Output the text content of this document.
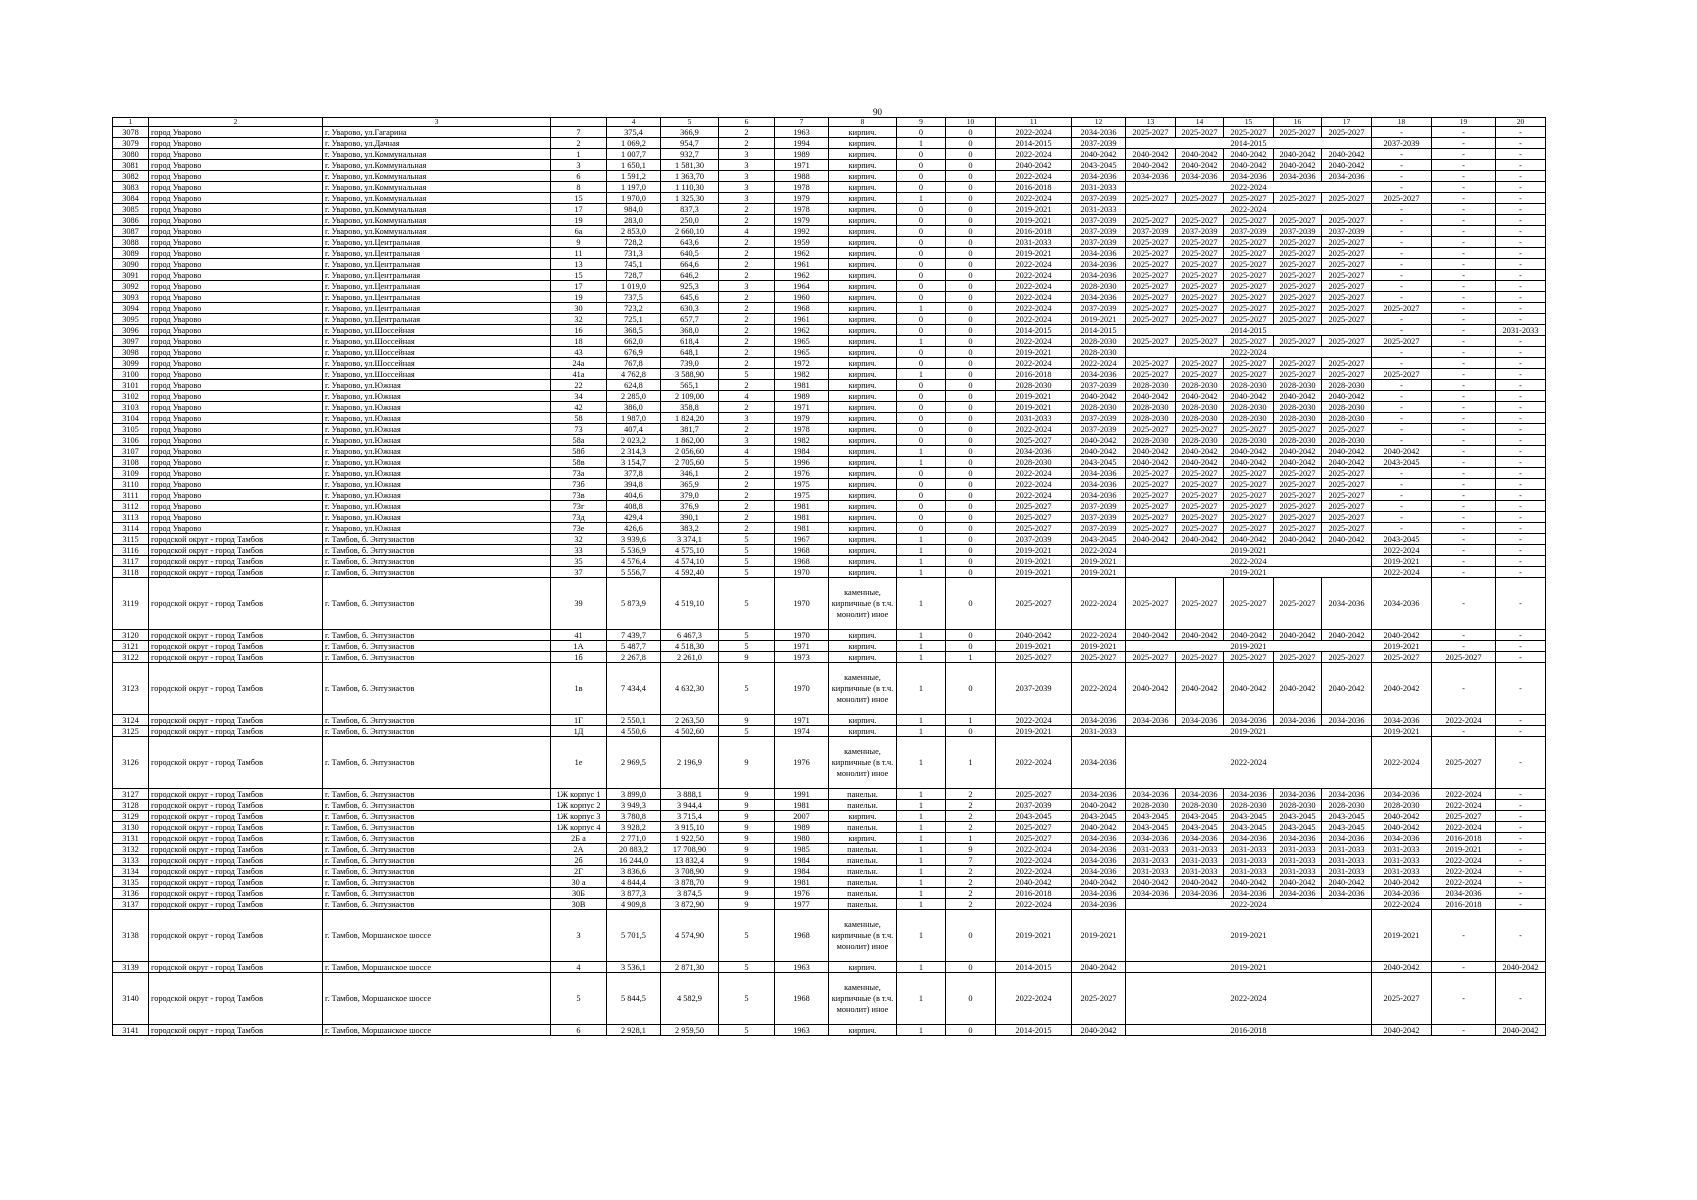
90
1	2	3		4	5	6	7	8	9	10	11	12	13	14	15	16	17	18	19	20
3078	город Уварово	г. Уварово, ул.Гагарина	7	375,4	366,9	2	1963	кирпич.	0	0	2022-2024	2034-2036	2025-2027	2025-2027	2025-2027	2025-2027	2025-2027	-	-	-
3079	город Уварово	г. Уварово, ул.Дачная	2	1 069,2	954,7	2	1994	кирпич.	1	0	2014-2015	2037-2039	2014-2015					2037-2039	-	-
3080	город Уварово	г. Уварово, ул.Коммунальная	1	1 007,7	932,7	3	1989	кирпич.	0	0	2022-2024	2040-2042	2040-2042	2040-2042	2040-2042	2040-2042	2040-2042	-	-	-
3081	город Уварово	г. Уварово, ул.Коммунальная	3	1 650,1	1 581,30	3	1971	кирпич.	0	0	2040-2042	2043-2045	2040-2042	2040-2042	2040-2042	2040-2042	2040-2042	-	-	-
3082	город Уварово	г. Уварово, ул.Коммунальная	6	1 591,2	1 363,70	3	1988	кирпич.	0	0	2022-2024	2034-2036	2034-2036	2034-2036	2034-2036	2034-2036	2034-2036	-	-	-
3083	город Уварово	г. Уварово, ул.Коммунальная	8	1 197,0	1 110,30	3	1978	кирпич.	0	0	2016-2018	2031-2033	2022-2024					-	-	-
3084	город Уварово	г. Уварово, ул.Коммунальная	15	1 970,0	1 325,30	3	1979	кирпич.	1	0	2022-2024	2037-2039	2025-2027	2025-2027	2025-2027	2025-2027	2025-2027	2025-2027	-	-
3085	город Уварово	г. Уварово, ул.Коммунальная	17	984,0	837,3	2	1978	кирпич.	0	0	2019-2021	2031-2033	2022-2024					-	-	-
3086	город Уварово	г. Уварово, ул.Коммунальная	19	283,0	250,0	2	1979	кирпич.	0	0	2019-2021	2037-2039	2025-2027	2025-2027	2025-2027	2025-2027	2025-2027	-	-	-
3087	город Уварово	г. Уварово, ул.Коммунальная	6а	2 853,0	2 660,10	4	1992	кирпич.	0	0	2016-2018	2037-2039	2037-2039	2037-2039	2037-2039	2037-2039	2037-2039	-	-	-
3088	город Уварово	г. Уварово, ул.Центральная	9	728,2	643,6	2	1959	кирпич.	0	0	2031-2033	2037-2039	2025-2027	2025-2027	2025-2027	2025-2027	2025-2027	-	-	-
3089	город Уварово	г. Уварово, ул.Центральная	11	731,3	640,5	2	1962	кирпич.	0	0	2019-2021	2034-2036	2025-2027	2025-2027	2025-2027	2025-2027	2025-2027	-	-	-
3090	город Уварово	г. Уварово, ул.Центральная	13	745,1	664,6	2	1961	кирпич.	0	0	2022-2024	2034-2036	2025-2027	2025-2027	2025-2027	2025-2027	2025-2027	-	-	-
3091	город Уварово	г. Уварово, ул.Центральная	15	728,7	646,2	2	1962	кирпич.	0	0	2022-2024	2034-2036	2025-2027	2025-2027	2025-2027	2025-2027	2025-2027	-	-	-
3092	город Уварово	г. Уварово, ул.Центральная	17	1 019,0	925,3	3	1964	кирпич.	0	0	2022-2024	2028-2030	2025-2027	2025-2027	2025-2027	2025-2027	2025-2027	-	-	-
3093	город Уварово	г. Уварово, ул.Центральная	19	737,5	645,6	2	1960	кирпич.	0	0	2022-2024	2034-2036	2025-2027	2025-2027	2025-2027	2025-2027	2025-2027	-	-	-
3094	город Уварово	г. Уварово, ул.Центральная	30	723,2	630,3	2	1968	кирпич.	1	0	2022-2024	2037-2039	2025-2027	2025-2027	2025-2027	2025-2027	2025-2027	2025-2027	-	-
3095	город Уварово	г. Уварово, ул.Центральная	32	725,1	657,7	2	1961	кирпич.	0	0	2022-2024	2019-2021	2025-2027	2025-2027	2025-2027	2025-2027	2025-2027	-	-	-
3096	город Уварово	г. Уварово, ул.Шоссейная	16	368,5	368,0	2	1962	кирпич.	0	0	2014-2015	2014-2015	2014-2015					-	-	2031-2033
3097	город Уварово	г. Уварово, ул.Шоссейная	18	662,0	618,4	2	1965	кирпич.	1	0	2022-2024	2028-2030	2025-2027	2025-2027	2025-2027	2025-2027	2025-2027	2025-2027	-	-
3098	город Уварово	г. Уварово, ул.Шоссейная	43	676,9	648,1	2	1965	кирпич.	0	0	2019-2021	2028-2030	2022-2024					-	-	-
3099	город Уварово	г. Уварово, ул.Шоссейная	24а	767,8	739,0	2	1972	кирпич.	0	0	2022-2024	2022-2024	2025-2027	2025-2027	2025-2027	2025-2027	2025-2027	-	-	-
3100	город Уварово	г. Уварово, ул.Шоссейная	41а	4 762,8	3 588,90	5	1982	кирпич.	1	0	2016-2018	2034-2036	2025-2027	2025-2027	2025-2027	2025-2027	2025-2027	2025-2027	-	-
3101	город Уварово	г. Уварово, ул.Южная	22	624,8	565,1	2	1981	кирпич.	0	0	2028-2030	2037-2039	2028-2030	2028-2030	2028-2030	2028-2030	2028-2030	-	-	-
3102	город Уварово	г. Уварово, ул.Южная	34	2 285,0	2 109,00	4	1989	кирпич.	0	0	2019-2021	2040-2042	2040-2042	2040-2042	2040-2042	2040-2042	2040-2042	-	-	-
3103	город Уварово	г. Уварово, ул.Южная	42	386,0	358,8	2	1971	кирпич.	0	0	2019-2021	2028-2030	2028-2030	2028-2030	2028-2030	2028-2030	2028-2030	-	-	-
3104	город Уварово	г. Уварово, ул.Южная	58	1 987,0	1 824,20	3	1979	кирпич.	0	0	2031-2033	2037-2039	2028-2030	2028-2030	2028-2030	2028-2030	2028-2030	-	-	-
3105	город Уварово	г. Уварово, ул.Южная	73	407,4	381,7	2	1978	кирпич.	0	0	2022-2024	2037-2039	2025-2027	2025-2027	2025-2027	2025-2027	2025-2027	-	-	-
3106	город Уварово	г. Уварово, ул.Южная	58а	2 023,2	1 862,00	3	1982	кирпич.	0	0	2025-2027	2040-2042	2028-2030	2028-2030	2028-2030	2028-2030	2028-2030	-	-	-
3107	город Уварово	г. Уварово, ул.Южная	58б	2 314,3	2 056,60	4	1984	кирпич.	1	0	2034-2036	2040-2042	2040-2042	2040-2042	2040-2042	2040-2042	2040-2042	2040-2042	-	-
3108	город Уварово	г. Уварово, ул.Южная	58в	3 154,7	2 705,60	5	1996	кирпич.	1	0	2028-2030	2043-2045	2040-2042	2040-2042	2040-2042	2040-2042	2040-2042	2043-2045	-	-
3109	город Уварово	г. Уварово, ул.Южная	73а	377,8	346,1	2	1976	кирпич.	0	0	2022-2024	2034-2036	2025-2027	2025-2027	2025-2027	2025-2027	2025-2027	-	-	-
3110	город Уварово	г. Уварово, ул.Южная	73б	394,8	365,9	2	1975	кирпич.	0	0	2022-2024	2034-2036	2025-2027	2025-2027	2025-2027	2025-2027	2025-2027	-	-	-
3111	город Уварово	г. Уварово, ул.Южная	73в	404,6	379,0	2	1975	кирпич.	0	0	2022-2024	2034-2036	2025-2027	2025-2027	2025-2027	2025-2027	2025-2027	-	-	-
3112	город Уварово	г. Уварово, ул.Южная	73г	408,8	376,9	2	1981	кирпич.	0	0	2025-2027	2037-2039	2025-2027	2025-2027	2025-2027	2025-2027	2025-2027	-	-	-
3113	город Уварово	г. Уварово, ул.Южная	73д	429,4	390,1	2	1981	кирпич.	0	0	2025-2027	2037-2039	2025-2027	2025-2027	2025-2027	2025-2027	2025-2027	-	-	-
3114	город Уварово	г. Уварово, ул.Южная	73е	426,6	383,2	2	1981	кирпич.	0	0	2025-2027	2037-2039	2025-2027	2025-2027	2025-2027	2025-2027	2025-2027	-	-	-
3115	городской округ - город Тамбов	г. Тамбов, б. Энтузиастов	32	3 939,6	3 374,1	5	1967	кирпич.	1	0	2037-2039	2043-2045	2040-2042	2040-2042	2040-2042	2040-2042	2040-2042	2043-2045	-	-
3116	городской округ - город Тамбов	г. Тамбов, б. Энтузиастов	33	5 536,9	4 575,10	5	1968	кирпич.	1	0	2019-2021	2022-2024	2019-2021					2022-2024	-	-
3117	городской округ - город Тамбов	г. Тамбов, б. Энтузиастов	35	4 576,4	4 574,10	5	1968	кирпич.	1	0	2019-2021	2019-2021	2022-2024					2019-2021	-	-
3118	городской округ - город Тамбов	г. Тамбов, б. Энтузиастов	37	5 556,7	4 592,40	5	1970	кирпич.	1	0	2019-2021	2019-2021	2019-2021					2022-2024	-	-
3119	городской округ - город Тамбов	г. Тамбов, б. Энтузиастов	39	5 873,9	4 519,10	5	1970	каменные, кирпичные (в т.ч. монолит) иное	1	0	2025-2027	2022-2024	2025-2027	2025-2027	2025-2027	2025-2027	2034-2036	2034-2036	-	-
3120	городской округ - город Тамбов	г. Тамбов, б. Энтузиастов	41	7 439,7	6 467,3	5	1970	кирпич.	1	0	2040-2042	2022-2024	2040-2042	2040-2042	2040-2042	2040-2042	2040-2042	2040-2042	-	-
3121	городской округ - город Тамбов	г. Тамбов, б. Энтузиастов	1А	5 487,7	4 518,30	5	1971	кирпич.	1	0	2019-2021	2019-2021	2019-2021					2019-2021	-	-
3122	городской округ - город Тамбов	г. Тамбов, б. Энтузиастов	1б	2 267,8	2 261,0	9	1973	кирпич.	1	1	2025-2027	2025-2027	2025-2027	2025-2027	2025-2027	2025-2027	2025-2027	2025-2027	2025-2027	-
3123	городской округ - город Тамбов	г. Тамбов, б. Энтузиастов	1в	7 434,4	4 632,30	5	1970	каменные, кирпичные (в т.ч. монолит) иное	1	0	2037-2039	2022-2024	2040-2042	2040-2042	2040-2042	2040-2042	2040-2042	2040-2042	-	-
3124	городской округ - город Тамбов	г. Тамбов, б. Энтузиастов	1Г	2 550,1	2 263,50	9	1971	кирпич.	1	1	2022-2024	2034-2036	2034-2036	2034-2036	2034-2036	2034-2036	2034-2036	2034-2036	2022-2024	-
3125	городской округ - город Тамбов	г. Тамбов, б. Энтузиастов	1Д	4 550,6	4 502,60	5	1974	кирпич.	1	0	2019-2021	2031-2033	2019-2021					2019-2021	-	-
3126	городской округ - город Тамбов	г. Тамбов, б. Энтузиастов	1е	2 969,5	2 196,9	9	1976	каменные, кирпичные (в т.ч. монолит) иное	1	1	2022-2024	2034-2036	2022-2024					2022-2024	2025-2027	-
3127	городской округ - город Тамбов	г. Тамбов, б. Энтузиастов	1Ж корпус 1	3 899,0	3 888,1	9	1991	панельн.	1	2	2025-2027	2034-2036	2034-2036	2034-2036	2034-2036	2034-2036	2034-2036	2034-2036	2022-2024	-
3128	городской округ - город Тамбов	г. Тамбов, б. Энтузиастов	1Ж корпус 2	3 949,3	3 944,4	9	1981	панельн.	1	2	2037-2039	2040-2042	2028-2030	2028-2030	2028-2030	2028-2030	2028-2030	2028-2030	2022-2024	-
3129	городской округ - город Тамбов	г. Тамбов, б. Энтузиастов	1Ж корпус 3	3 780,8	3 715,4	9	2007	кирпич.	1	2	2043-2045	2043-2045	2043-2045	2043-2045	2043-2045	2043-2045	2043-2045	2040-2042	2025-2027	-
3130	городской округ - город Тамбов	г. Тамбов, б. Энтузиастов	1Ж корпус 4	3 928,2	3 915,10	9	1989	панельн.	1	2	2025-2027	2040-2042	2043-2045	2043-2045	2043-2045	2043-2045	2043-2045	2040-2042	2022-2024	-
3131	городской округ - город Тамбов	г. Тамбов, б. Энтузиастов	2Б а	2 771,0	1 922,50	9	1980	кирпич.	1	1	2025-2027	2034-2036	2034-2036	2034-2036	2034-2036	2034-2036	2034-2036	2034-2036	2016-2018	-
3132	городской округ - город Тамбов	г. Тамбов, б. Энтузиастов	2А	20 883,2	17 708,90	9	1985	панельн.	1	9	2022-2024	2034-2036	2031-2033	2031-2033	2031-2033	2031-2033	2031-2033	2031-2033	2019-2021	-
3133	городской округ - город Тамбов	г. Тамбов, б. Энтузиастов	2б	16 244,0	13 832,4	9	1984	панельн.	1	7	2022-2024	2034-2036	2031-2033	2031-2033	2031-2033	2031-2033	2031-2033	2031-2033	2022-2024	-
3134	городской округ - город Тамбов	г. Тамбов, б. Энтузиастов	2Г	3 836,6	3 708,90	9	1984	панельн.	1	2	2022-2024	2034-2036	2031-2033	2031-2033	2031-2033	2031-2033	2031-2033	2031-2033	2022-2024	-
3135	городской округ - город Тамбов	г. Тамбов, б. Энтузиастов	30 а	4 844,4	3 878,70	9	1981	панельн.	1	2	2040-2042	2040-2042	2040-2042	2040-2042	2040-2042	2040-2042	2040-2042	2040-2042	2022-2024	-
3136	городской округ - город Тамбов	г. Тамбов, б. Энтузиастов	30Б	3 877,3	3 874,5	9	1976	панельн.	1	2	2016-2018	2034-2036	2034-2036	2034-2036	2034-2036	2034-2036	2034-2036	2034-2036	2034-2036	-
3137	городской округ - город Тамбов	г. Тамбов, б. Энтузиастов	30В	4 909,8	3 872,90	9	1977	панельн.	1	2	2022-2024	2034-2036	2022-2024					2022-2024	2016-2018	-
3138	городской округ - город Тамбов	г. Тамбов, Моршанское шоссе	3	5 701,5	4 574,90	5	1968	каменные, кирпичные (в т.ч. монолит) иное	1	0	2019-2021	2019-2021	2019-2021					2019-2021	-	-
3139	городской округ - город Тамбов	г. Тамбов, Моршанское шоссе	4	3 536,1	2 871,30	5	1963	кирпич.	1	0	2014-2015	2040-2042	2019-2021					2040-2042	-	2040-2042
3140	городской округ - город Тамбов	г. Тамбов, Моршанское шоссе	5	5 844,5	4 582,9	5	1968	каменные, кирпичные (в т.ч. монолит) иное	1	0	2022-2024	2025-2027	2022-2024					2025-2027	-	-
3141	городской округ - город Тамбов	г. Тамбов, Моршанское шоссе	6	2 928,1	2 959,50	5	1963	кирпич.	1	0	2014-2015	2040-2042	2016-2018					2040-2042	-	2040-2042
